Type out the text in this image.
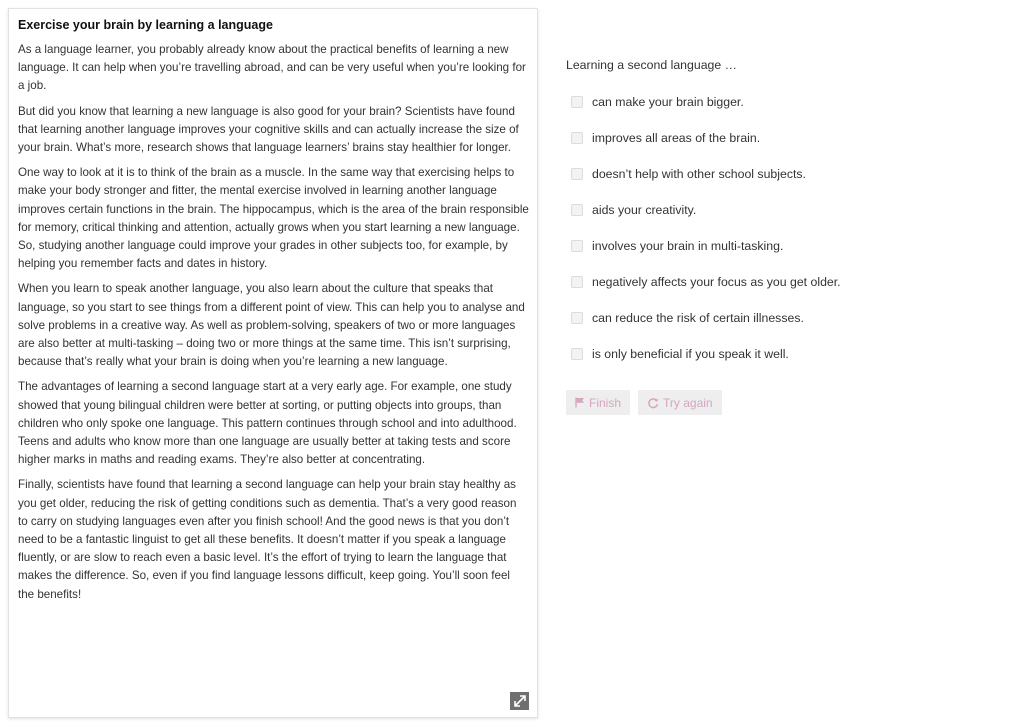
Exercise your brain by learning a language

As a language learner, you probably already know about the practical benefits of learning a new language. It can help when you’re travelling abroad, and can be very useful when you’re looking for a job.

But did you know that learning a new language is also good for your brain? Scientists have found that learning another language improves your cognitive skills and can actually increase the size of your brain. What’s more, research shows that language learners’ brains stay healthier for longer.

One way to look at it is to think of the brain as a muscle. In the same way that exercising helps to make your body stronger and fitter, the mental exercise involved in learning another language improves certain functions in the brain. The hippocampus, which is the area of the brain responsible for memory, critical thinking and attention, actually grows when you start learning a new language. So, studying another language could improve your grades in other subjects too, for example, by helping you remember facts and dates in history.

When you learn to speak another language, you also learn about the culture that speaks that language, so you start to see things from a different point of view. This can help you to analyse and solve problems in a creative way. As well as problem-solving, speakers of two or more languages are also better at multi-tasking – doing two or more things at the same time. This isn’t surprising, because that’s really what your brain is doing when you’re learning a new language.

The advantages of learning a second language start at a very early age. For example, one study showed that young bilingual children were better at sorting, or putting objects into groups, than children who only spoke one language. This pattern continues through school and into adulthood. Teens and adults who know more than one language are usually better at taking tests and score higher marks in maths and reading exams. They’re also better at concentrating.

Finally, scientists have found that learning a second language can help your brain stay healthy as you get older, reducing the risk of getting conditions such as dementia. That’s a very good reason to carry on studying languages even after you finish school! And the good news is that you don’t need to be a fantastic linguist to get all these benefits. It doesn’t matter if you speak a language fluently, or are slow to reach even a basic level. It’s the effort of trying to learn the language that makes the difference. So, even if you find language lessons difficult, keep going. You’ll soon feel the benefits!

Learning a second language …
can make your brain bigger.
improves all areas of the brain.
doesn’t help with other school subjects.
aids your creativity.
involves your brain in multi-tasking.
negatively affects your focus as you get older.
can reduce the risk of certain illnesses.
is only beneficial if you speak it well.
Finish	Try again
